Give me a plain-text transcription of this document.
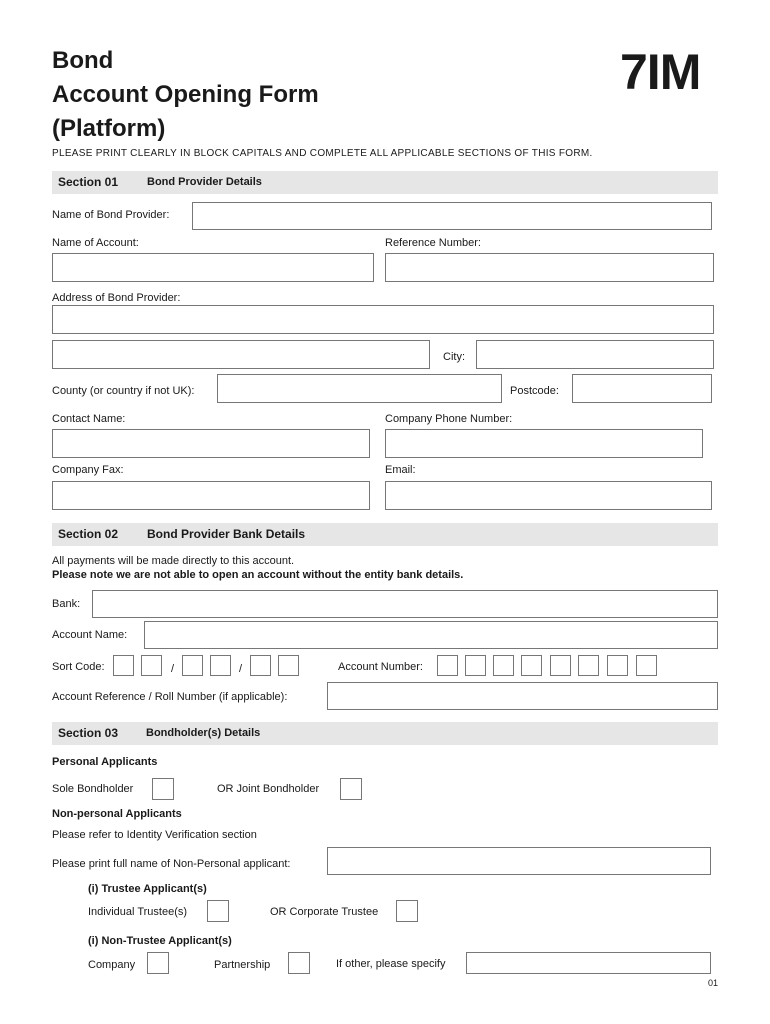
Bond
Account Opening Form
(Platform)
7IM
PLEASE PRINT CLEARLY IN BLOCK CAPITALS AND COMPLETE ALL APPLICABLE SECTIONS OF THIS FORM.
Section 01	Bond Provider Details
Name of Bond Provider:
Name of Account:	Reference Number:
Address of Bond Provider:
City:
County (or country if not UK):	Postcode:
Contact Name:	Company Phone Number:
Company Fax:	Email:
Section 02 Bond Provider Bank Details
All payments will be made directly to this account.
Please note we are not able to open an account without the entity bank details.
Bank:
Account Name:
Sort Code:	/	/	Account Number:
Account Reference / Roll Number (if applicable):
Section 03	Bondholder(s) Details
Personal Applicants
Sole Bondholder	OR Joint Bondholder
Non-personal Applicants
Please refer to Identity Verification section
Please print full name of Non-Personal applicant:
(i) Trustee Applicant(s)
Individual Trustee(s)	OR Corporate Trustee
(i) Non-Trustee Applicant(s)
Company	Partnership	If other, please specify
01
